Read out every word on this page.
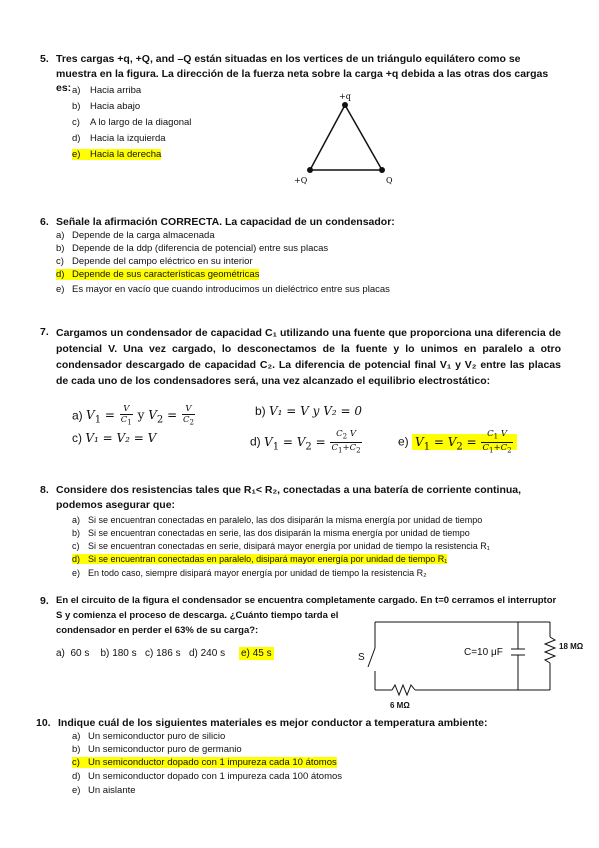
5. Tres cargas +q, +Q, and –Q están situadas en los vertices de un triángulo equilátero como se muestra en la figura. La dirección de la fuerza neta sobre la carga +q debida a las otras dos cargas es: a) Hacia arriba
b) Hacia abajo
c) A lo largo de la diagonal
d) Hacia la izquierda
e) Hacia la derecha
+q
+Q	Q
6. Señale la afirmación CORRECTA. La capacidad de un condensador:
a) Depende de la carga almacenada
b) Depende de la ddp (diferencia de potencial) entre sus placas
c) Depende del campo eléctrico en su interior
d) Depende de sus características geométricas
e) Es mayor en vacío que cuando introducimos un dieléctrico entre sus placas
7. Cargamos un condensador de capacidad C₁ utilizando una fuente que proporciona una diferencia de potencial V. Una vez cargado, lo desconectamos de la fuente y lo unimos en paralelo a otro condensador descargado de capacidad C₂. La diferencia de potencial final V₁ y V₂ entre las placas de cada uno de los condensadores será, una vez alcanzado el equilibrio electrostático:
a) $V_1 = \frac{V}{C_1}$ y $V_2 = \frac{V}{C_2}$	b) V₁ = V y V₂ = 0
c) V₁ = V₂ = V	d) $V_1 = V_2 = \frac{C_2 V}{C_1+C_2}$	e) $V_1 = V_2 = \frac{C_1 V}{C_1+C_2}$
8. Considere dos resistencias tales que R₁< R₂, conectadas a una batería de corriente continua, podemos asegurar que:
a) Si se encuentran conectadas en paralelo, las dos disiparán la misma energía por unidad de tiempo
b) Si se encuentran conectadas en serie, las dos disiparán la misma energía por unidad de tiempo
c) Si se encuentran conectadas en serie, disipará mayor energía por unidad de tiempo la resistencia R₁
d) Si se encuentran conectadas en paralelo, disipará mayor energía por unidad de tiempo R₁
e) En todo caso, siempre disipará mayor energía por unidad de tiempo la resistencia R₂
9. En el circuito de la figura el condensador se encuentra completamente cargado. En t=0 cerramos el interruptor
S y comienza el proceso de descarga. ¿Cuánto tiempo tarda el
condensador en perder el 63% de su carga?:
a) 60 s b) 180 s c) 186 s d) 240 s e) 45 s	S	C=10 μF
18 MΩ
6 MΩ
10. Indique cuál de los siguientes materiales es mejor conductor a temperatura ambiente:
a) Un semiconductor puro de silicio
b) Un semiconductor puro de germanio
c) Un semiconductor dopado con 1 impureza cada 10 átomos
d) Un semiconductor dopado con 1 impureza cada 100 átomos
e) Un aislante
